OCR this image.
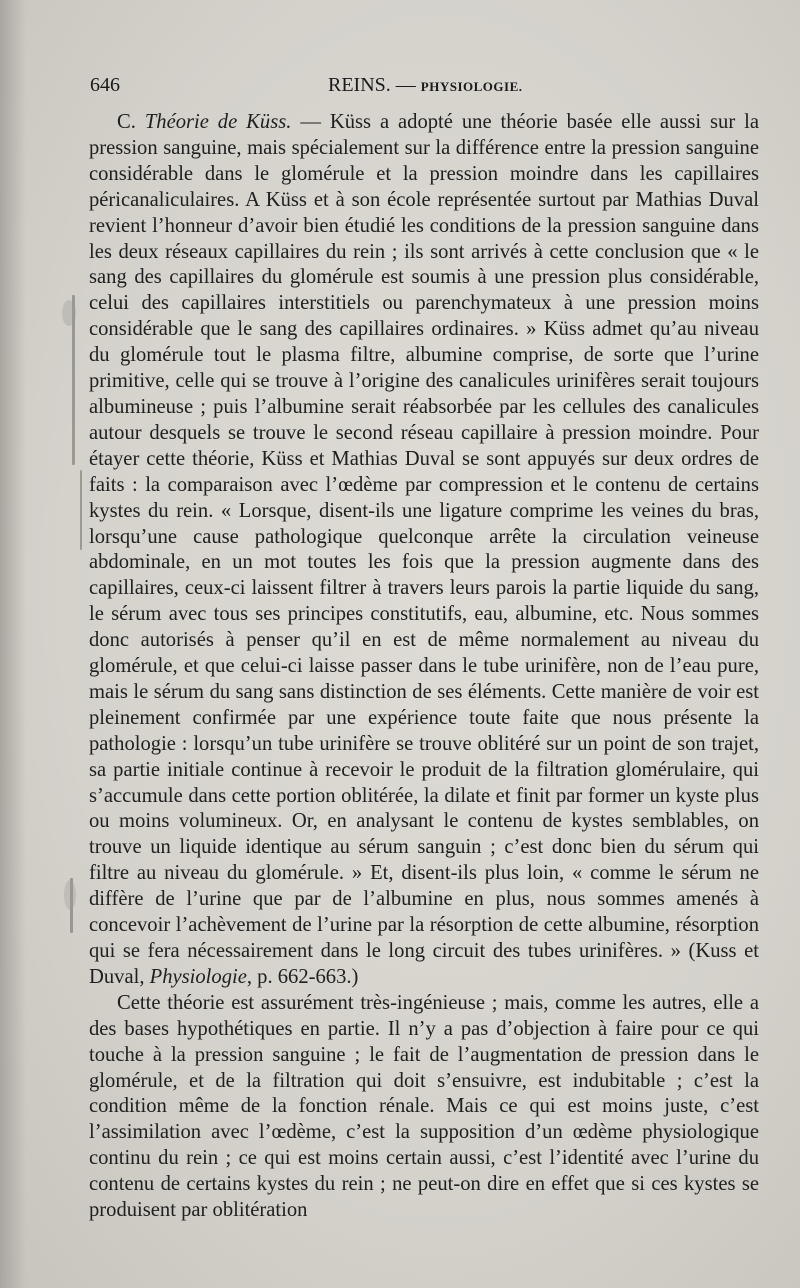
646	REINS. — PHYSIOLOGIE.

C. Théorie de Küss. — Küss a adopté une théorie basée elle aussi sur la pression sanguine, mais spécialement sur la différence entre la pression sanguine considérable dans le glomérule et la pression moindre dans les capillaires péricanaliculaires. A Küss et à son école représentée surtout par Mathias Duval revient l’honneur d’avoir bien étudié les conditions de la pression sanguine dans les deux réseaux capillaires du rein ; ils sont arrivés à cette conclusion que « le sang des capillaires du glomérule est soumis à une pression plus considérable, celui des capillaires interstitiels ou parenchymateux à une pression moins considérable que le sang des capillaires ordinaires. » Küss admet qu’au niveau du glomérule tout le plasma filtre, albumine comprise, de sorte que l’urine primitive, celle qui se trouve à l’origine des canalicules urinifères serait toujours albumineuse ; puis l’albumine serait réabsorbée par les cellules des canalicules autour desquels se trouve le second réseau capillaire à pression moindre. Pour étayer cette théorie, Küss et Mathias Duval se sont appuyés sur deux ordres de faits : la comparaison avec l’œdème par compression et le contenu de certains kystes du rein. « Lorsque, disent-ils une ligature comprime les veines du bras, lorsqu’une cause pathologique quelconque arrête la circulation veineuse abdominale, en un mot toutes les fois que la pression augmente dans des capillaires, ceux-ci laissent filtrer à travers leurs parois la partie liquide du sang, le sérum avec tous ses principes constitutifs, eau, albumine, etc. Nous sommes donc autorisés à penser qu’il en est de même normalement au niveau du glomérule, et que celui-ci laisse passer dans le tube urinifère, non de l’eau pure, mais le sérum du sang sans distinction de ses éléments. Cette manière de voir est pleinement confirmée par une expérience toute faite que nous présente la pathologie : lorsqu’un tube urinifère se trouve oblitéré sur un point de son trajet, sa partie initiale continue à recevoir le produit de la filtration glomérulaire, qui s’accumule dans cette portion oblitérée, la dilate et finit par former un kyste plus ou moins volumineux. Or, en analysant le contenu de kystes semblables, on trouve un liquide identique au sérum sanguin ; c’est donc bien du sérum qui filtre au niveau du glomérule. » Et, disent-ils plus loin, « comme le sérum ne diffère de l’urine que par de l’albumine en plus, nous sommes amenés à concevoir l’achèvement de l’urine par la résorption de cette albumine, résorption qui se fera nécessairement dans le long circuit des tubes urinifères. » (Kuss et Duval, Physiologie, p. 662-663.)

Cette théorie est assurément très-ingénieuse ; mais, comme les autres, elle a des bases hypothétiques en partie. Il n’y a pas d’objection à faire pour ce qui touche à la pression sanguine ; le fait de l’augmentation de pression dans le glomérule, et de la filtration qui doit s’ensuivre, est indubitable ; c’est la condition même de la fonction rénale. Mais ce qui est moins juste, c’est l’assimilation avec l’œdème, c’est la supposition d’un œdème physiologique continu du rein ; ce qui est moins certain aussi, c’est l’identité avec l’urine du contenu de certains kystes du rein ; ne peut-on dire en effet que si ces kystes se produisent par oblitération
